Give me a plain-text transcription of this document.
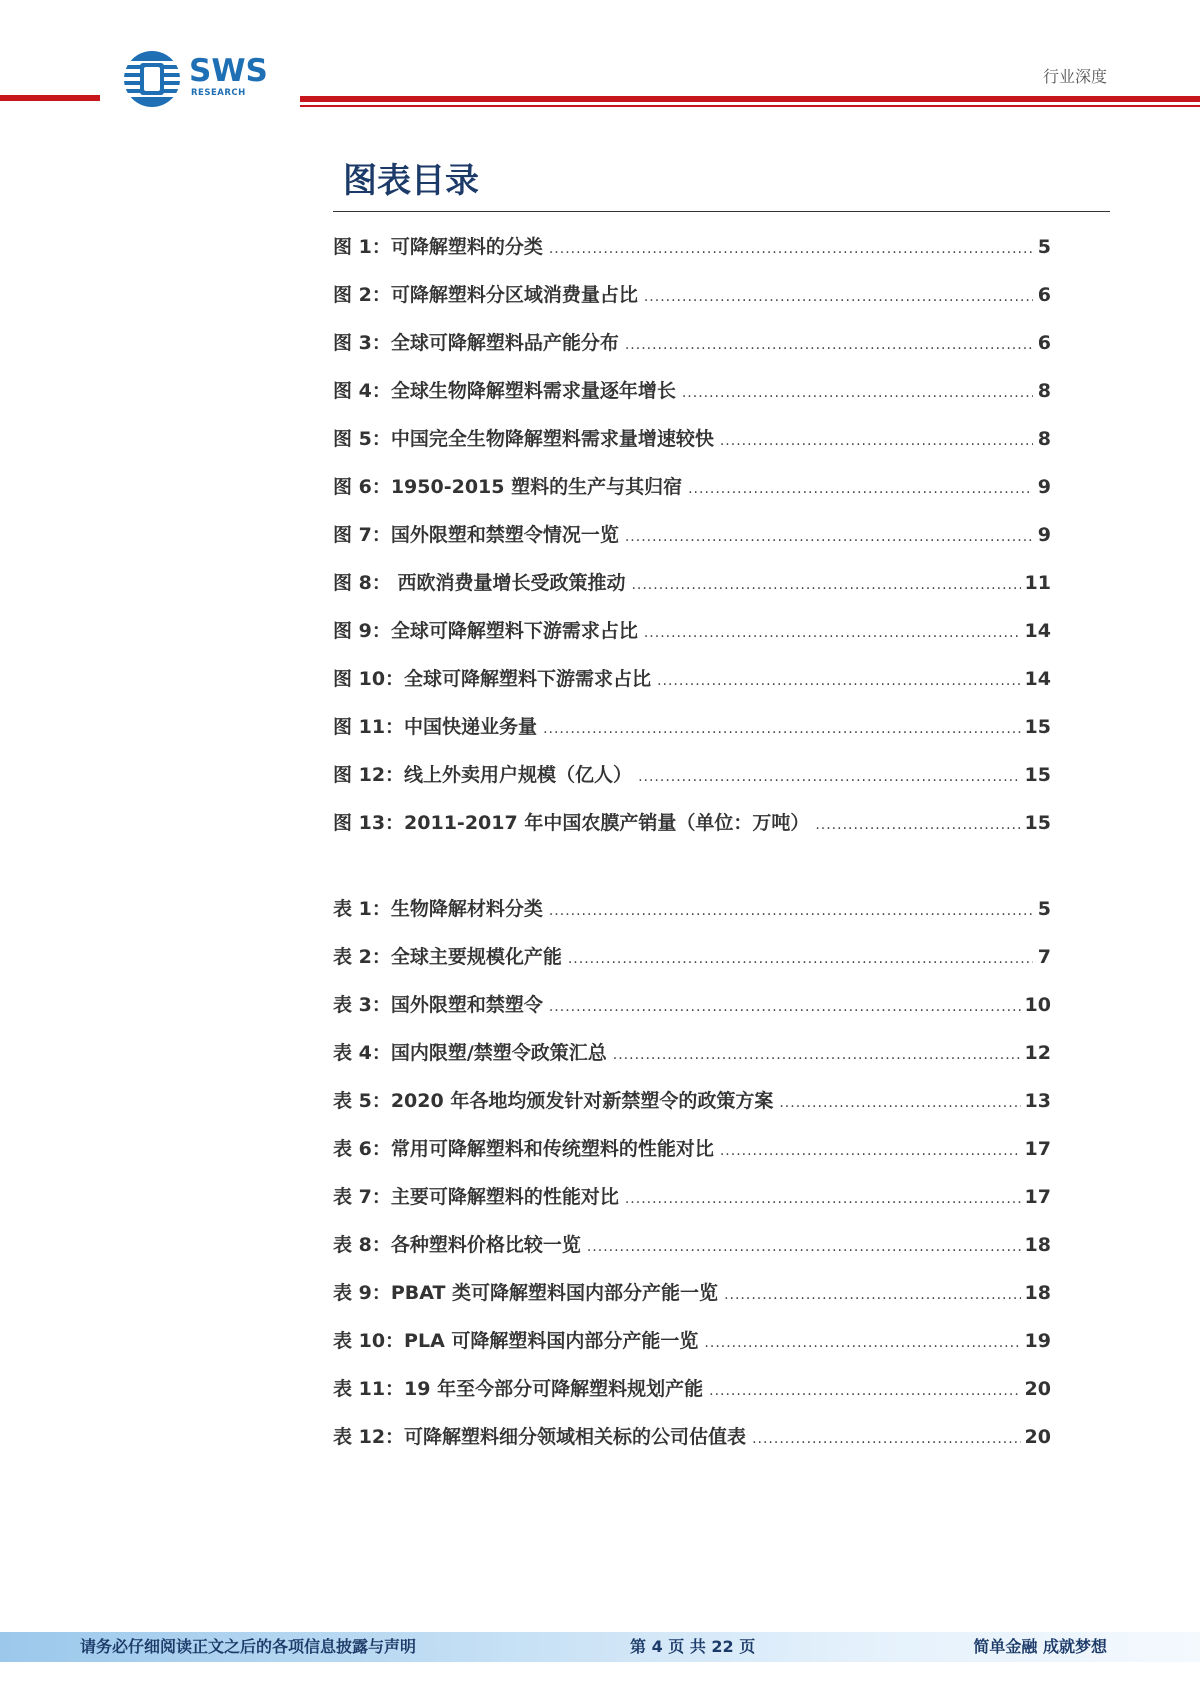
SWS
RESEARCH
行业深度
图表目录
图 1：可降解塑料的分类 .....	5
图 2：可降解塑料分区域消费量占比 .....	6
图 3：全球可降解塑料品产能分布 .....	6
图 4：全球生物降解塑料需求量逐年增长 .....	8
图 5：中国完全生物降解塑料需求量增速较快 .....	8
图 6：1950-2015 塑料的生产与其归宿 .....	9
图 7：国外限塑和禁塑令情况一览 .....	9
图 8： 西欧消费量增长受政策推动 .....	11
图 9：全球可降解塑料下游需求占比 .....	14
图 10：全球可降解塑料下游需求占比 .....	14
图 11：中国快递业务量 .....	15
图 12：线上外卖用户规模（亿人） .....	15
图 13：2011-2017 年中国农膜产销量（单位：万吨） .....	15
表 1：生物降解材料分类 .....	5
表 2：全球主要规模化产能 .....	7
表 3：国外限塑和禁塑令 .....	10
表 4：国内限塑/禁塑令政策汇总 .....	12
表 5：2020 年各地均颁发针对新禁塑令的政策方案 .....	13
表 6：常用可降解塑料和传统塑料的性能对比 .....	17
表 7：主要可降解塑料的性能对比 .....	17
表 8：各种塑料价格比较一览 .....	18
表 9：PBAT 类可降解塑料国内部分产能一览 .....	18
表 10：PLA 可降解塑料国内部分产能一览 .....	19
表 11：19 年至今部分可降解塑料规划产能 .....	20
表 12：可降解塑料细分领域相关标的公司估值表 .....	20
请务必仔细阅读正文之后的各项信息披露与声明	第 4 页 共 22 页	简单金融 成就梦想
